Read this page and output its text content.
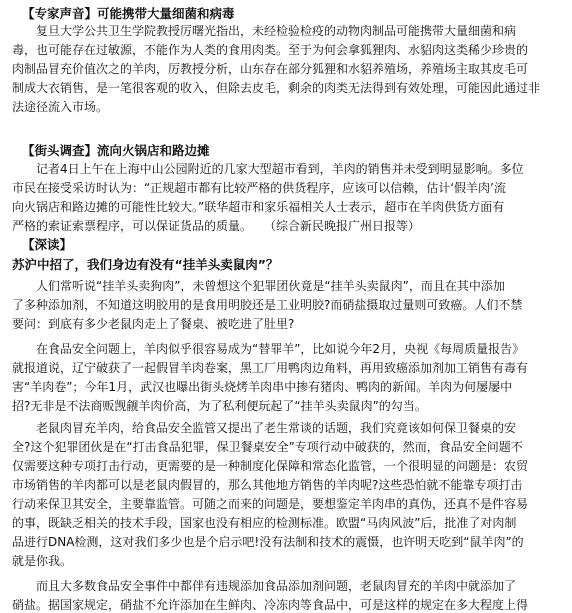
【专家声音】可能携带大量细菌和病毒
复旦大学公共卫生学院教授厉曙光指出，未经检验检疫的动物肉制品可能携带大量细菌和病
毒，也可能存在过敏源，不能作为人类的食用肉类。至于为何会拿狐狸肉、水貂肉这类稀少珍贵的
肉制品冒充价值次之的羊肉，厉教授分析，山东存在部分狐狸和水貂养殖场，养殖场主取其皮毛可
制成大衣销售，是一笔很客观的收入，但除去皮毛，剩余的肉类无法得到有效处理，可能因此通过非
法途径流入市场。
【街头调查】流向火锅店和路边摊
记者4日上午在上海中山公园附近的几家大型超市看到，羊肉的销售并未受到明显影响。多位
市民在接受采访时认为：“正规超市都有比较严格的供货程序，应该可以信赖，估计‘假羊肉’流
向火锅店和路边摊的可能性比较大。”联华超市和家乐福相关人士表示，超市在羊肉供货方面有
严格的索证索票程序，可以保证货品的质量。　　（综合新民晚报广州日报等）
【深读】
苏沪中招了，我们身边有没有“挂羊头卖鼠肉”？
人们常听说“挂羊头卖狗肉”，未曾想这个犯罪团伙竟是“挂羊头卖鼠肉”，而且在其中添加
了多种添加剂，不知道这明胶用的是食用明胶还是工业明胶?而硝盐摄取过量则可致癌。人们不禁
要问：到底有多少老鼠肉走上了餐桌、被吃进了肚里?
在食品安全问题上，羊肉似乎很容易成为“替罪羊”，比如说今年2月，央视《每周质量报告》
就报道说，辽宁破获了一起假冒羊肉卷案，黑工厂用鸭肉边角料，再用致癌添加剂加工销售有毒有
害“羊肉卷”；今年1月，武汉也曝出街头烧烤羊肉串中掺有猪肉、鸭肉的新闻。羊肉为何屡屡中
招?无非是不法商贩觊觎羊肉价高，为了私利便玩起了“挂羊头卖鼠肉”的勾当。
老鼠肉冒充羊肉，给食品安全监管又提出了老生常谈的话题，我们究竟该如何保卫餐桌的安
全?这个犯罪团伙是在“打击食品犯罪，保卫餐桌安全”专项行动中破获的，然而，食品安全问题不
仅需要这种专项打击行动，更需要的是一种制度化保障和常态化监管，一个很明显的问题是：农贸
市场销售的羊肉都可以是老鼠肉假冒的，那么其他地方销售的羊肉呢?这些恐怕就不能靠专项打击
行动来保卫其安全，主要靠监管。可随之而来的问题是，要想鉴定羊肉串的真伪，还真不是件容易
的事，既缺乏相关的技术手段，国家也没有相应的检测标准。欧盟“马肉风波”后，批准了对肉制
品进行DNA检测，这对我们多少也是个启示吧!没有法制和技术的震慑，也许明天吃到“鼠羊肉”的
就是你我。
而且大多数食品安全事件中都伴有违规添加食品添加剂问题，老鼠肉冒充的羊肉中就添加了
硝盐。据国家规定，硝盐不允许添加在生鲜肉、冷冻肉等食品中，可是这样的规定在多大程度上得
